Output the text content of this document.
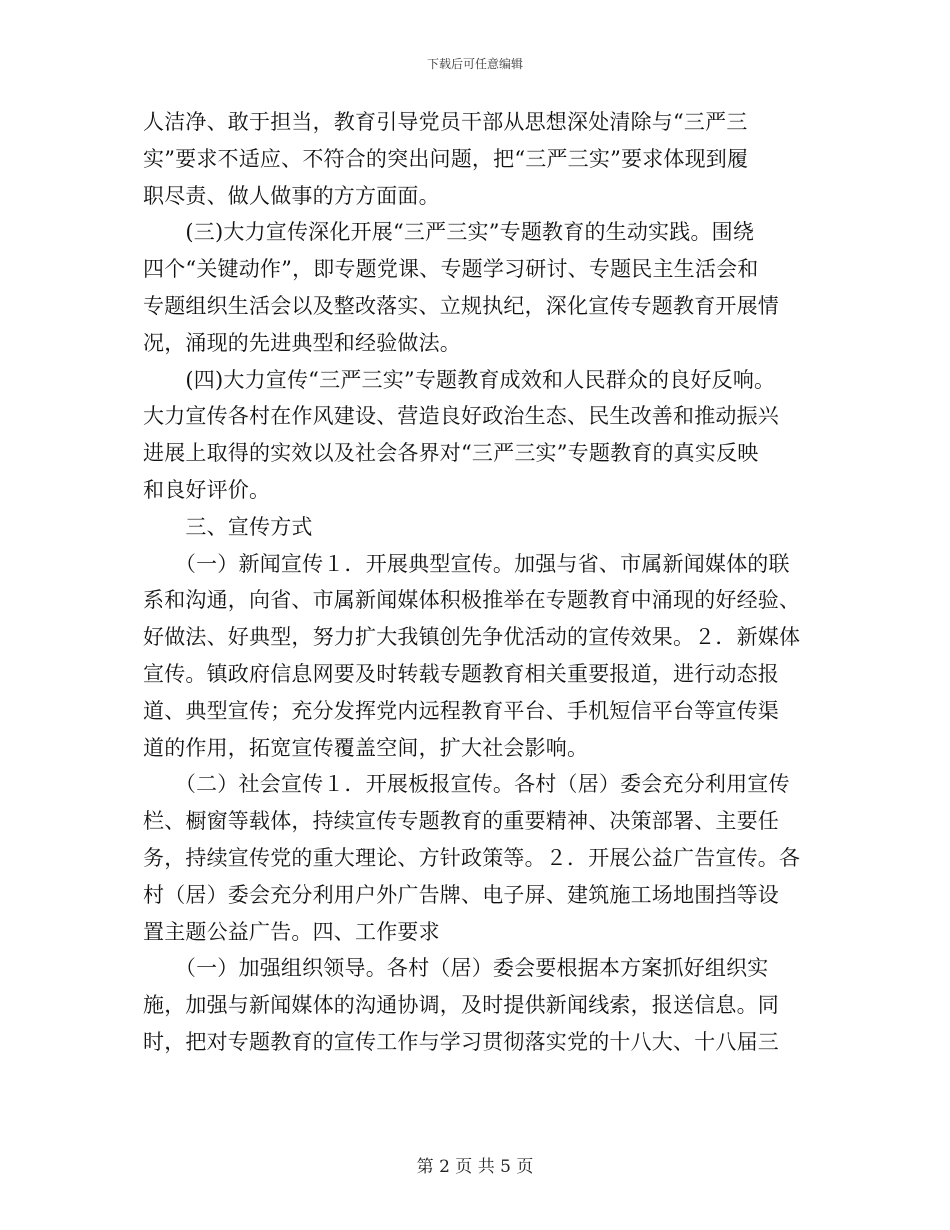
下载后可任意编辑
人洁净、敢于担当，教育引导党员干部从思想深处清除与“三严三
实”要求不适应、不符合的突出问题，把“三严三实”要求体现到履
职尽责、做人做事的方方面面。
　　(三)大力宣传深化开展“三严三实”专题教育的生动实践。围绕
四个“关键动作”，即专题党课、专题学习研讨、专题民主生活会和
专题组织生活会以及整改落实、立规执纪，深化宣传专题教育开展情
况，涌现的先进典型和经验做法。
　　(四)大力宣传“三严三实”专题教育成效和人民群众的良好反响。
大力宣传各村在作风建设、营造良好政治生态、民生改善和推动振兴
进展上取得的实效以及社会各界对“三严三实”专题教育的真实反映
和良好评价。
　　三、宣传方式
　　（一）新闻宣传１．开展典型宣传。加强与省、市属新闻媒体的联
系和沟通，向省、市属新闻媒体积极推举在专题教育中涌现的好经验、
好做法、好典型，努力扩大我镇创先争优活动的宣传效果。２．新媒体
宣传。镇政府信息网要及时转载专题教育相关重要报道，进行动态报
道、典型宣传；充分发挥党内远程教育平台、手机短信平台等宣传渠
道的作用，拓宽宣传覆盖空间，扩大社会影响。
　　（二）社会宣传１．开展板报宣传。各村（居）委会充分利用宣传
栏、橱窗等载体，持续宣传专题教育的重要精神、决策部署、主要任
务，持续宣传党的重大理论、方针政策等。２．开展公益广告宣传。各
村（居）委会充分利用户外广告牌、电子屏、建筑施工场地围挡等设
置主题公益广告。四、工作要求
　　（一）加强组织领导。各村（居）委会要根据本方案抓好组织实
施，加强与新闻媒体的沟通协调，及时提供新闻线索，报送信息。同
时，把对专题教育的宣传工作与学习贯彻落实党的十八大、十八届三
第 2 页 共 5 页
